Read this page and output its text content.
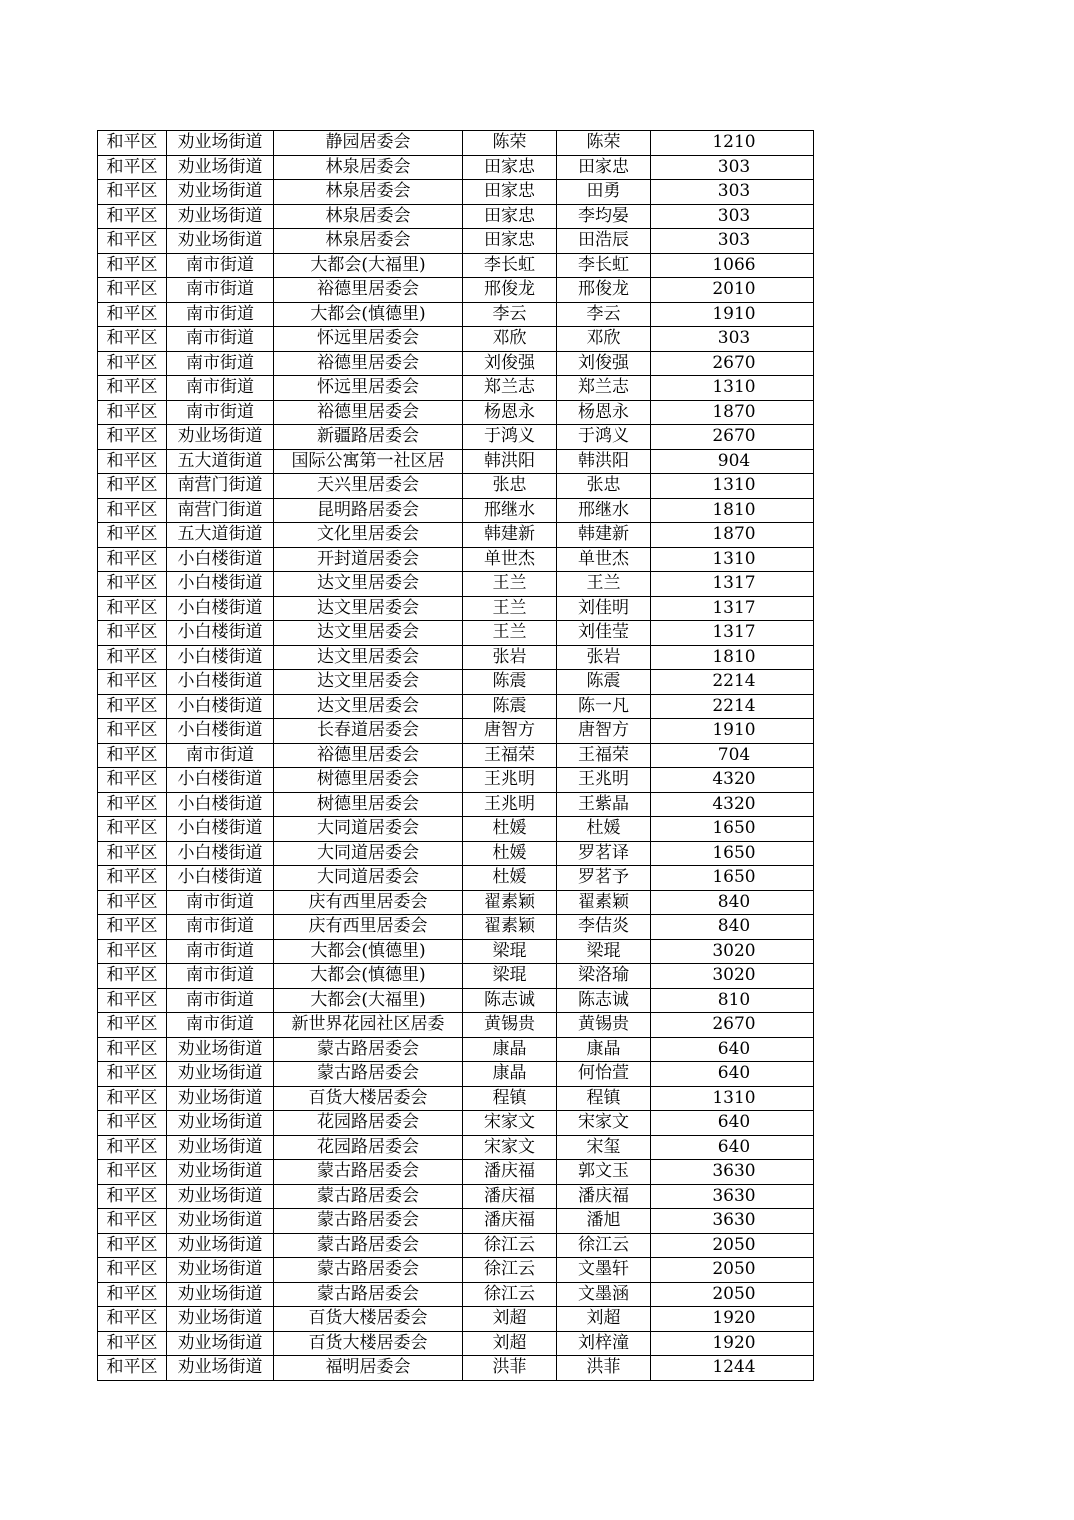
和平区	劝业场街道	静园居委会	陈荣	陈荣	1210
和平区	劝业场街道	林泉居委会	田家忠	田家忠	303
和平区	劝业场街道	林泉居委会	田家忠	田勇	303
和平区	劝业场街道	林泉居委会	田家忠	李均晏	303
和平区	劝业场街道	林泉居委会	田家忠	田浩辰	303
和平区	南市街道	大都会(大福里)	李长虹	李长虹	1066
和平区	南市街道	裕德里居委会	邢俊龙	邢俊龙	2010
和平区	南市街道	大都会(慎德里)	李云	李云	1910
和平区	南市街道	怀远里居委会	邓欣	邓欣	303
和平区	南市街道	裕德里居委会	刘俊强	刘俊强	2670
和平区	南市街道	怀远里居委会	郑兰志	郑兰志	1310
和平区	南市街道	裕德里居委会	杨恩永	杨恩永	1870
和平区	劝业场街道	新疆路居委会	于鸿义	于鸿义	2670
和平区	五大道街道	国际公寓第一社区居	韩洪阳	韩洪阳	904
和平区	南营门街道	天兴里居委会	张忠	张忠	1310
和平区	南营门街道	昆明路居委会	邢继水	邢继水	1810
和平区	五大道街道	文化里居委会	韩建新	韩建新	1870
和平区	小白楼街道	开封道居委会	单世杰	单世杰	1310
和平区	小白楼街道	达文里居委会	王兰	王兰	1317
和平区	小白楼街道	达文里居委会	王兰	刘佳明	1317
和平区	小白楼街道	达文里居委会	王兰	刘佳莹	1317
和平区	小白楼街道	达文里居委会	张岩	张岩	1810
和平区	小白楼街道	达文里居委会	陈震	陈震	2214
和平区	小白楼街道	达文里居委会	陈震	陈一凡	2214
和平区	小白楼街道	长春道居委会	唐智方	唐智方	1910
和平区	南市街道	裕德里居委会	王福荣	王福荣	704
和平区	小白楼街道	树德里居委会	王兆明	王兆明	4320
和平区	小白楼街道	树德里居委会	王兆明	王紫晶	4320
和平区	小白楼街道	大同道居委会	杜媛	杜媛	1650
和平区	小白楼街道	大同道居委会	杜媛	罗茗译	1650
和平区	小白楼街道	大同道居委会	杜媛	罗茗予	1650
和平区	南市街道	庆有西里居委会	翟素颖	翟素颖	840
和平区	南市街道	庆有西里居委会	翟素颖	李佶炎	840
和平区	南市街道	大都会(慎德里)	梁琨	梁琨	3020
和平区	南市街道	大都会(慎德里)	梁琨	梁洛瑜	3020
和平区	南市街道	大都会(大福里)	陈志诚	陈志诚	810
和平区	南市街道	新世界花园社区居委	黄锡贵	黄锡贵	2670
和平区	劝业场街道	蒙古路居委会	康晶	康晶	640
和平区	劝业场街道	蒙古路居委会	康晶	何怡萱	640
和平区	劝业场街道	百货大楼居委会	程镇	程镇	1310
和平区	劝业场街道	花园路居委会	宋家文	宋家文	640
和平区	劝业场街道	花园路居委会	宋家文	宋玺	640
和平区	劝业场街道	蒙古路居委会	潘庆福	郭文玉	3630
和平区	劝业场街道	蒙古路居委会	潘庆福	潘庆福	3630
和平区	劝业场街道	蒙古路居委会	潘庆福	潘旭	3630
和平区	劝业场街道	蒙古路居委会	徐江云	徐江云	2050
和平区	劝业场街道	蒙古路居委会	徐江云	文墨轩	2050
和平区	劝业场街道	蒙古路居委会	徐江云	文墨涵	2050
和平区	劝业场街道	百货大楼居委会	刘超	刘超	1920
和平区	劝业场街道	百货大楼居委会	刘超	刘梓潼	1920
和平区	劝业场街道	福明居委会	洪菲	洪菲	1244
